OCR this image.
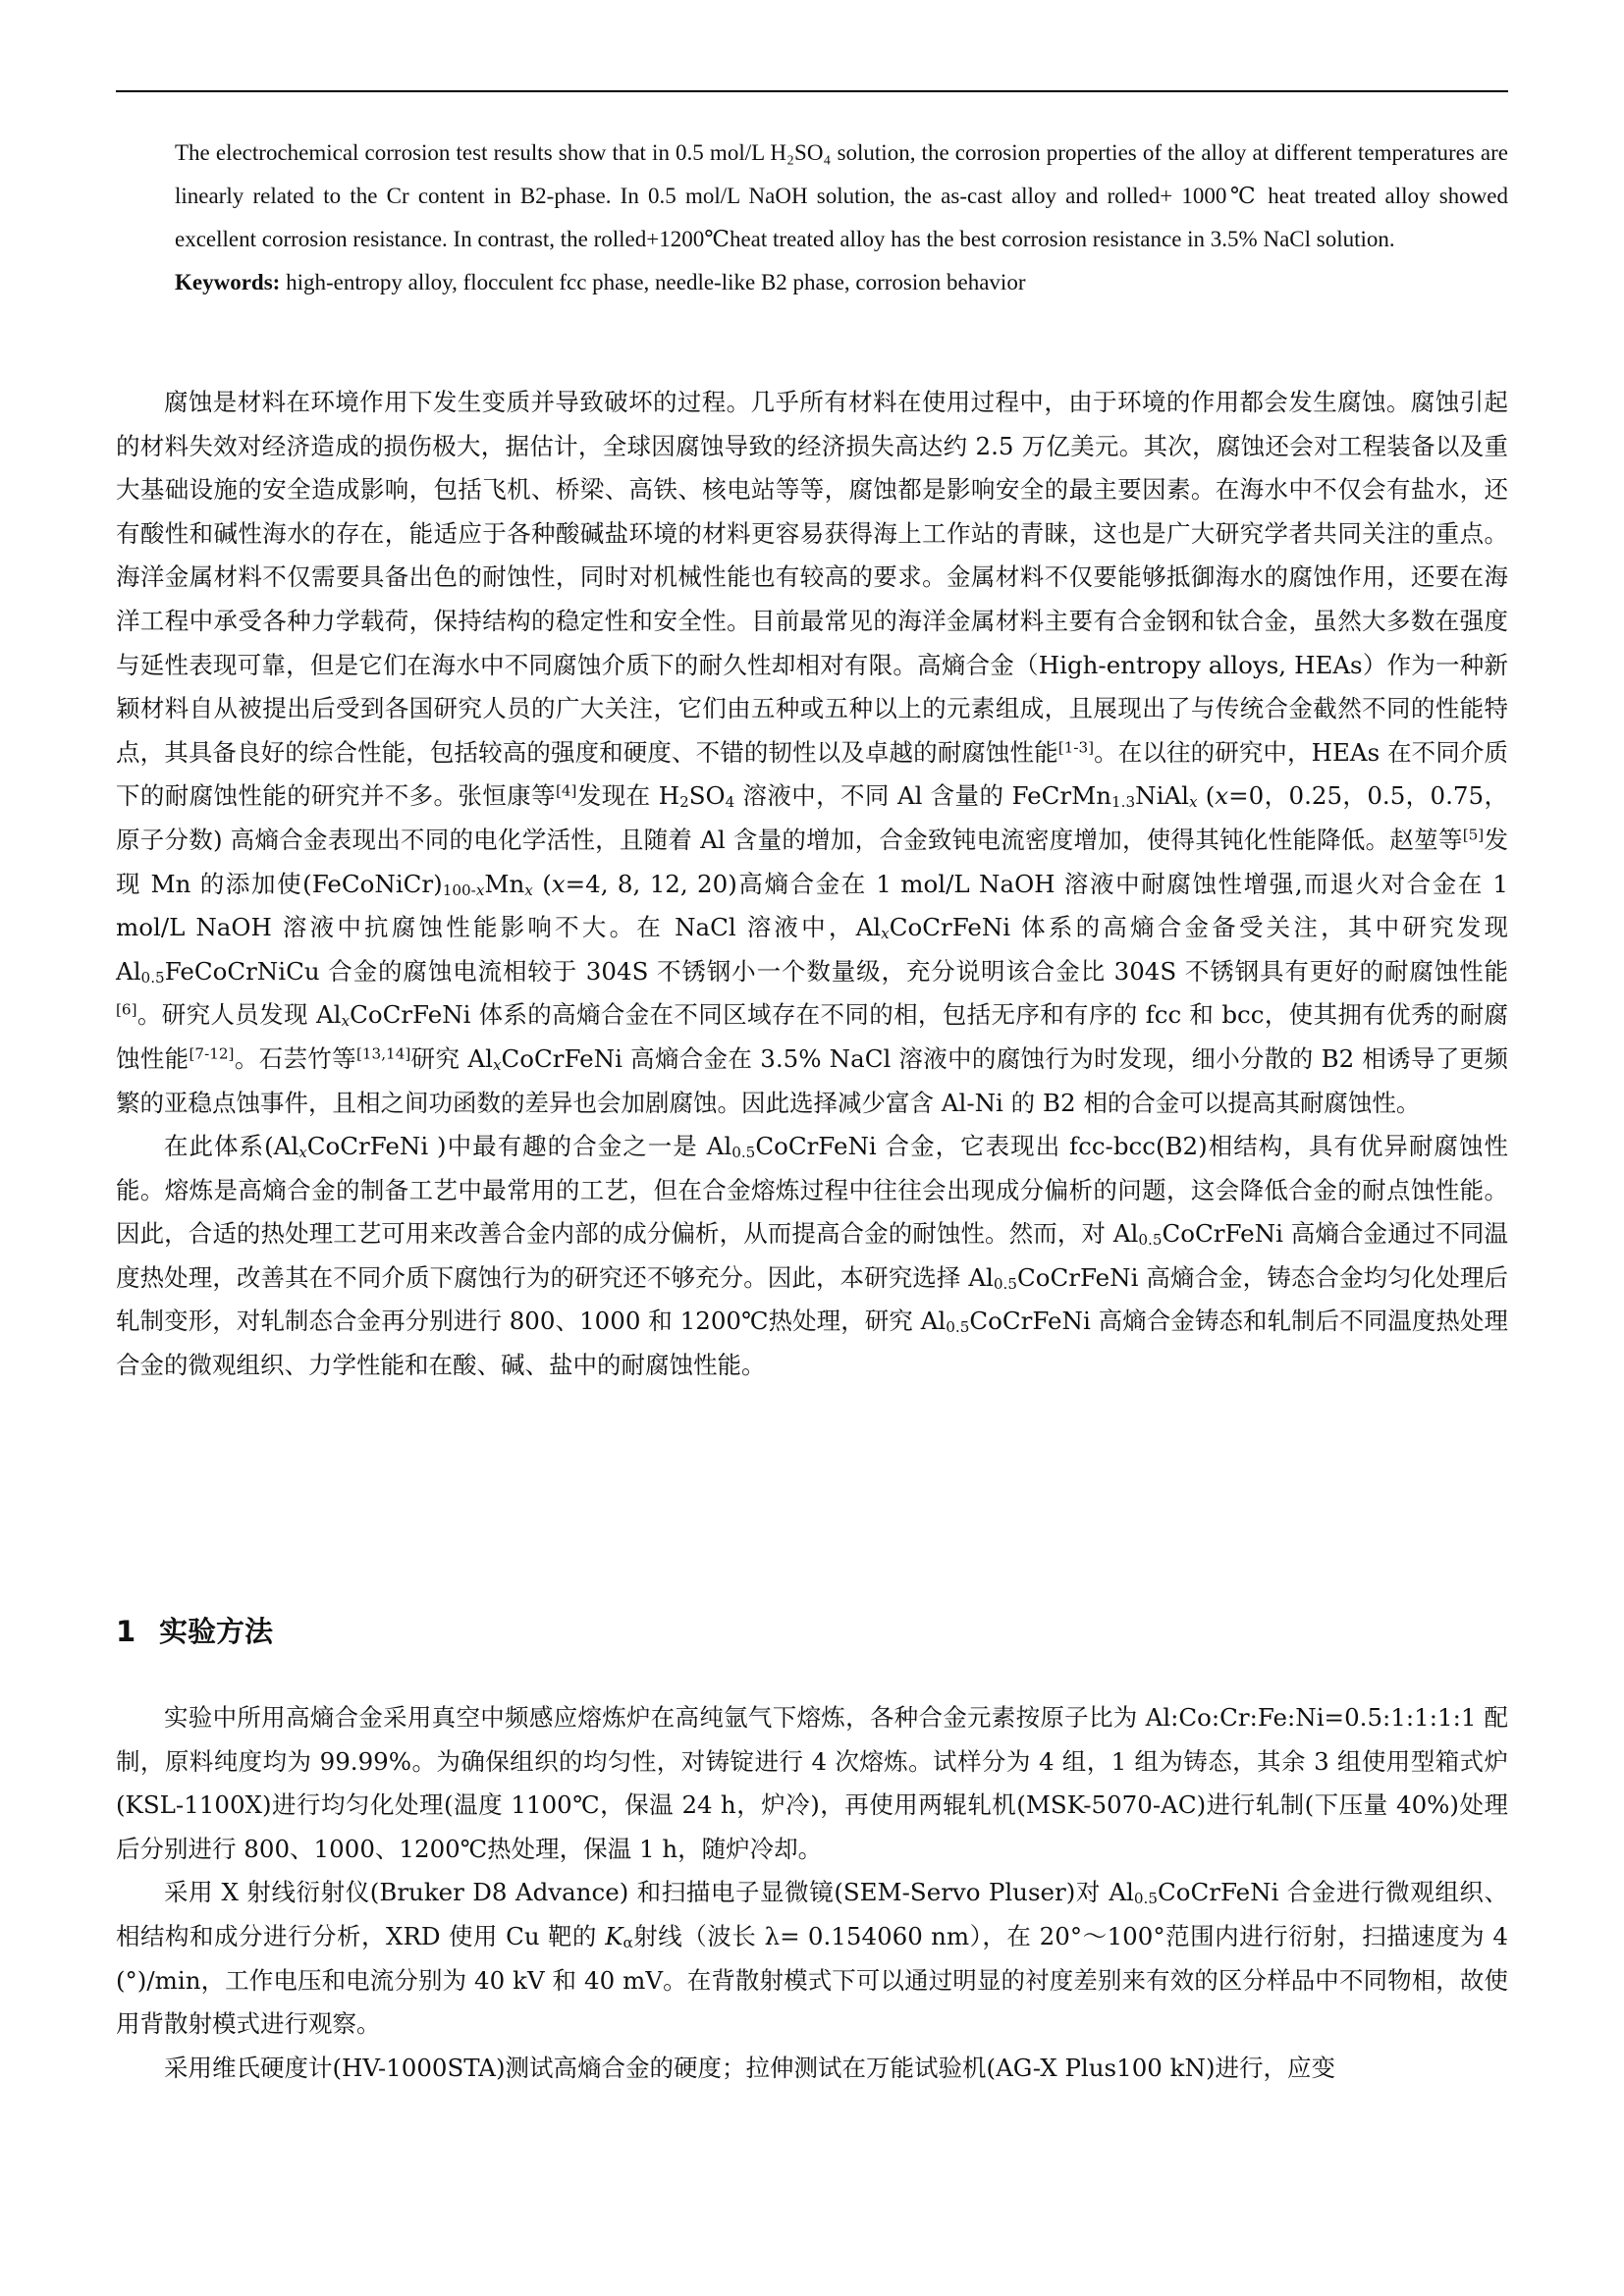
The electrochemical corrosion test results show that in 0.5 mol/L H₂SO₄ solution, the corrosion properties of the alloy at different temperatures are linearly related to the Cr content in B2-phase. In 0.5 mol/L NaOH solution, the as-cast alloy and rolled+ 1000℃ heat treated alloy showed excellent corrosion resistance. In contrast, the rolled+1200℃heat treated alloy has the best corrosion resistance in 3.5% NaCl solution.

Keywords: high-entropy alloy, flocculent fcc phase, needle-like B2 phase, corrosion behavior

腐蚀是材料在环境作用下发生变质并导致破坏的过程。几乎所有材料在使用过程中，由于环境的作用都会发生腐蚀。腐蚀引起的材料失效对经济造成的损伤极大，据估计，全球因腐蚀导致的经济损失高达约 2.5 万亿美元。其次，腐蚀还会对工程装备以及重大基础设施的安全造成影响，包括飞机、桥梁、高铁、核电站等等，腐蚀都是影响安全的最主要因素。在海水中不仅会有盐水，还有酸性和碱性海水的存在，能适应于各种酸碱盐环境的材料更容易获得海上工作站的青睐，这也是广大研究学者共同关注的重点。海洋金属材料不仅需要具备出色的耐蚀性，同时对机械性能也有较高的要求。金属材料不仅要能够抵御海水的腐蚀作用，还要在海洋工程中承受各种力学载荷，保持结构的稳定性和安全性。目前最常见的海洋金属材料主要有合金钢和钛合金，虽然大多数在强度与延性表现可靠，但是它们在海水中不同腐蚀介质下的耐久性却相对有限。高熵合金（High-entropy alloys, HEAs）作为一种新颖材料自从被提出后受到各国研究人员的广大关注，它们由五种或五种以上的元素组成，且展现出了与传统合金截然不同的性能特点，其具备良好的综合性能，包括较高的强度和硬度、不错的韧性以及卓越的耐腐蚀性能[1-3]。在以往的研究中，HEAs 在不同介质下的耐腐蚀性能的研究并不多。张恒康等[4]发现在 $H_2SO_4$ 溶液中，不同 Al 含量的 FeCrMn$_{1.3}$NiAl$_x$ (x=0，0.25，0.5，0.75，原子分数) 高熵合金表现出不同的电化学活性，且随着 Al 含量的增加，合金致钝电流密度增加，使得其钝化性能降低。赵堃等[5]发现 Mn 的添加使$(FeCoNiCr)_{100-x}Mn_x$ (x=4, 8, 12, 20)高熵合金在 1 mol/L NaOH 溶液中耐腐蚀性增强,而退火对合金在 1 mol/L NaOH 溶液中抗腐蚀性能影响不大。在 NaCl 溶液中，$Al_xCoCrFeNi$ 体系的高熵合金备受关注，其中研究发现 $Al_{0.5}FeCoCrNiCu$ 合金的腐蚀电流相较于 304S 不锈钢小一个数量级，充分说明该合金比 304S 不锈钢具有更好的耐腐蚀性能[6]。研究人员发现 $Al_xCoCrFeNi$ 体系的高熵合金在不同区域存在不同的相，包括无序和有序的 fcc 和 bcc，使其拥有优秀的耐腐蚀性能[7-12]。石芸竹等[13,14]研究 $Al_xCoCrFeNi$ 高熵合金在 3.5% NaCl 溶液中的腐蚀行为时发现，细小分散的 B2 相诱导了更频繁的亚稳点蚀事件，且相之间功函数的差异也会加剧腐蚀。因此选择减少富含 Al-Ni 的 B2 相的合金可以提高其耐腐蚀性。

在此体系($Al_xCoCrFeNi$ )中最有趣的合金之一是 $Al_{0.5}CoCrFeNi$ 合金，它表现出 fcc-bcc(B2)相结构，具有优异耐腐蚀性能。熔炼是高熵合金的制备工艺中最常用的工艺，但在合金熔炼过程中往往会出现成分偏析的问题，这会降低合金的耐点蚀性能。因此，合适的热处理工艺可用来改善合金内部的成分偏析，从而提高合金的耐蚀性。然而，对 $Al_{0.5}CoCrFeNi$ 高熵合金通过不同温度热处理，改善其在不同介质下腐蚀行为的研究还不够充分。因此，本研究选择 $Al_{0.5}CoCrFeNi$ 高熵合金，铸态合金均匀化处理后轧制变形，对轧制态合金再分别进行 800、1000 和 1200℃热处理，研究 $Al_{0.5}CoCrFeNi$ 高熵合金铸态和轧制后不同温度热处理合金的微观组织、力学性能和在酸、碱、盐中的耐腐蚀性能。

1 实验方法

实验中所用高熵合金采用真空中频感应熔炼炉在高纯氩气下熔炼，各种合金元素按原子比为 Al:Co:Cr:Fe:Ni=0.5:1:1:1:1 配制，原料纯度均为 99.99%。为确保组织的均匀性，对铸锭进行 4 次熔炼。试样分为 4 组，1 组为铸态，其余 3 组使用型箱式炉(KSL-1100X)进行均匀化处理(温度 1100℃，保温 24 h，炉冷)，再使用两辊轧机(MSK-5070-AC)进行轧制(下压量 40%)处理后分别进行 800、1000、1200℃热处理，保温 1 h，随炉冷却。

采用 X 射线衍射仪(Bruker D8 Advance) 和扫描电子显微镜(SEM-Servo Pluser)对 $Al_{0.5}CoCrFeNi$ 合金进行微观组织、相结构和成分进行分析，XRD 使用 Cu 靶的 $K_\alpha$射线（波长 λ= 0.154060 nm），在 20°～100°范围内进行衍射，扫描速度为 4 (°)/min，工作电压和电流分别为 40 kV 和 40 mV。在背散射模式下可以通过明显的衬度差别来有效的区分样品中不同物相，故使用背散射模式进行观察。

采用维氏硬度计(HV-1000STA)测试高熵合金的硬度；拉伸测试在万能试验机(AG-X Plus100 kN)进行，应变
